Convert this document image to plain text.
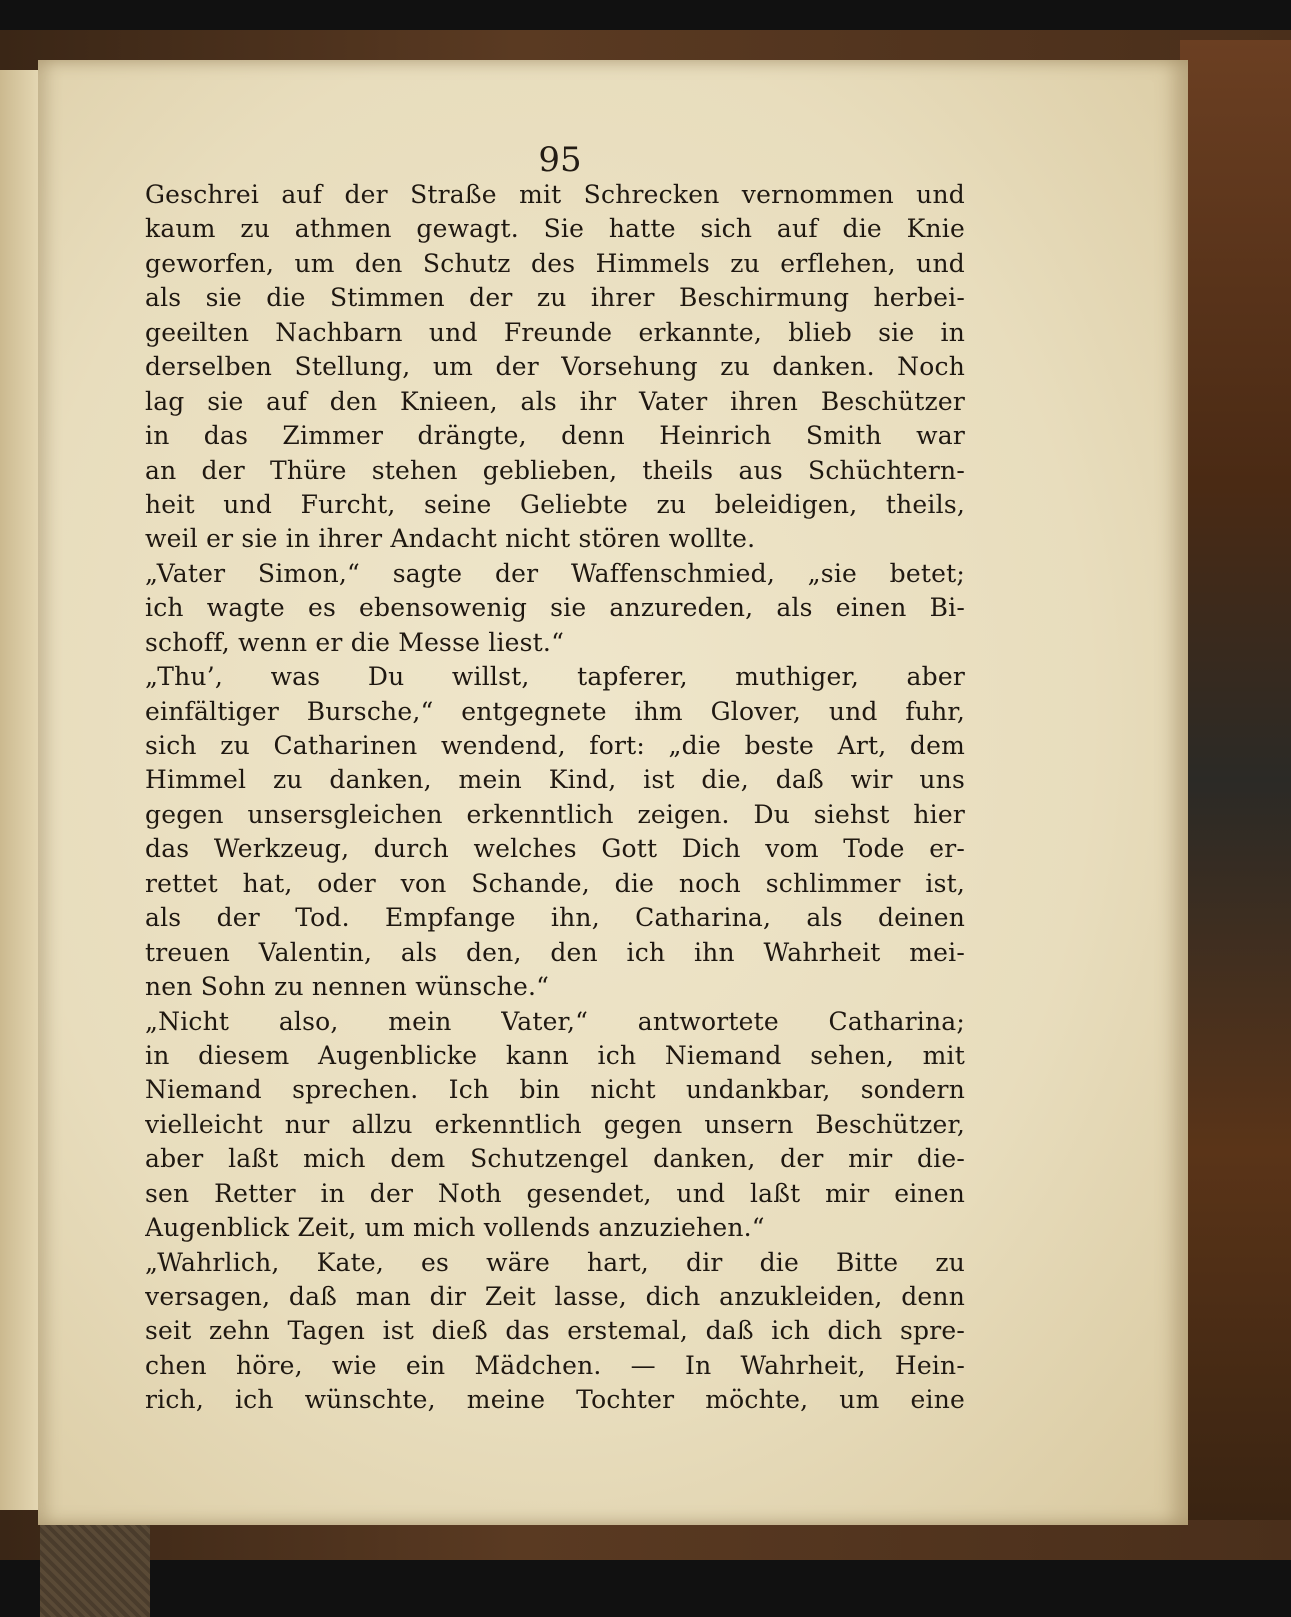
95
Geschrei auf der Straße mit Schrecken vernommen und
kaum zu athmen gewagt. Sie hatte sich auf die Knie
geworfen, um den Schutz des Himmels zu erflehen, und
als sie die Stimmen der zu ihrer Beschirmung herbei-
geeilten Nachbarn und Freunde erkannte, blieb sie in
derselben Stellung, um der Vorsehung zu danken. Noch
lag sie auf den Knieen, als ihr Vater ihren Beschützer
in das Zimmer drängte, denn Heinrich Smith war
an der Thüre stehen geblieben, theils aus Schüchtern-
heit und Furcht, seine Geliebte zu beleidigen, theils,
weil er sie in ihrer Andacht nicht stören wollte.
„Vater Simon,“ sagte der Waffenschmied, „sie betet;
ich wagte es ebensowenig sie anzureden, als einen Bi-
schoff, wenn er die Messe liest.“
„Thu’, was Du willst, tapferer, muthiger, aber
einfältiger Bursche,“ entgegnete ihm Glover, und fuhr,
sich zu Catharinen wendend, fort: „die beste Art, dem
Himmel zu danken, mein Kind, ist die, daß wir uns
gegen unsersgleichen erkenntlich zeigen. Du siehst hier
das Werkzeug, durch welches Gott Dich vom Tode er-
rettet hat, oder von Schande, die noch schlimmer ist,
als der Tod. Empfange ihn, Catharina, als deinen
treuen Valentin, als den, den ich ihn Wahrheit mei-
nen Sohn zu nennen wünsche.“
„Nicht also, mein Vater,“ antwortete Catharina;
in diesem Augenblicke kann ich Niemand sehen, mit
Niemand sprechen. Ich bin nicht undankbar, sondern
vielleicht nur allzu erkenntlich gegen unsern Beschützer,
aber laßt mich dem Schutzengel danken, der mir die-
sen Retter in der Noth gesendet, und laßt mir einen
Augenblick Zeit, um mich vollends anzuziehen.“
„Wahrlich, Kate, es wäre hart, dir die Bitte zu
versagen, daß man dir Zeit lasse, dich anzukleiden, denn
seit zehn Tagen ist dieß das erstemal, daß ich dich spre-
chen höre, wie ein Mädchen. — In Wahrheit, Hein-
rich, ich wünschte, meine Tochter möchte, um eine
